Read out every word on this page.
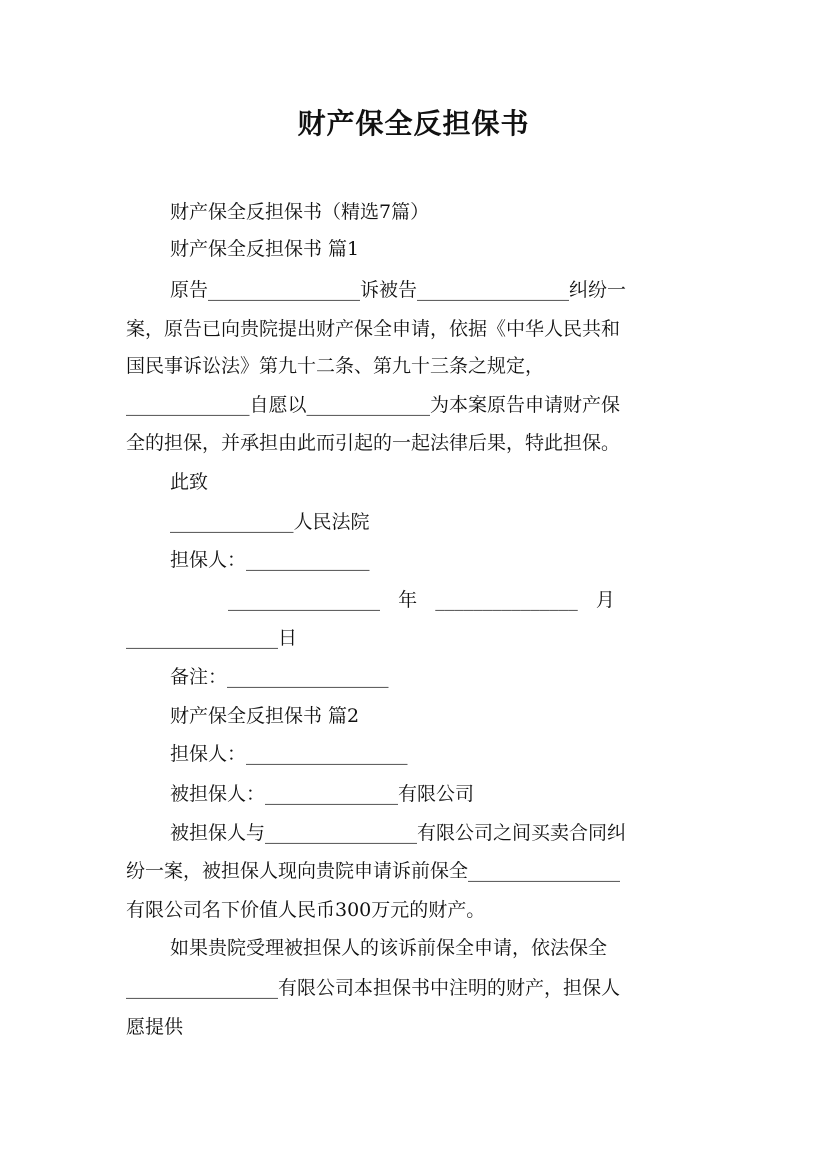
财产保全反担保书
财产保全反担保书（精选7篇）
财产保全反担保书 篇1
原告________________诉被告________________纠纷一
案，原告已向贵院提出财产保全申请，依据《中华人民共和
国民事诉讼法》第九十二条、第九十三条之规定，
_____________自愿以_____________为本案原告申请财产保
全的担保，并承担由此而引起的一起法律后果，特此担保。
此致
_____________人民法院
担保人：_____________
________________   年   _______________   月
________________日
备注：_________________
财产保全反担保书 篇2
担保人：_________________
被担保人：______________有限公司
被担保人与________________有限公司之间买卖合同纠
纷一案，被担保人现向贵院申请诉前保全________________
有限公司名下价值人民币300万元的财产。
如果贵院受理被担保人的该诉前保全申请，依法保全
________________有限公司本担保书中注明的财产，担保人
愿提供
